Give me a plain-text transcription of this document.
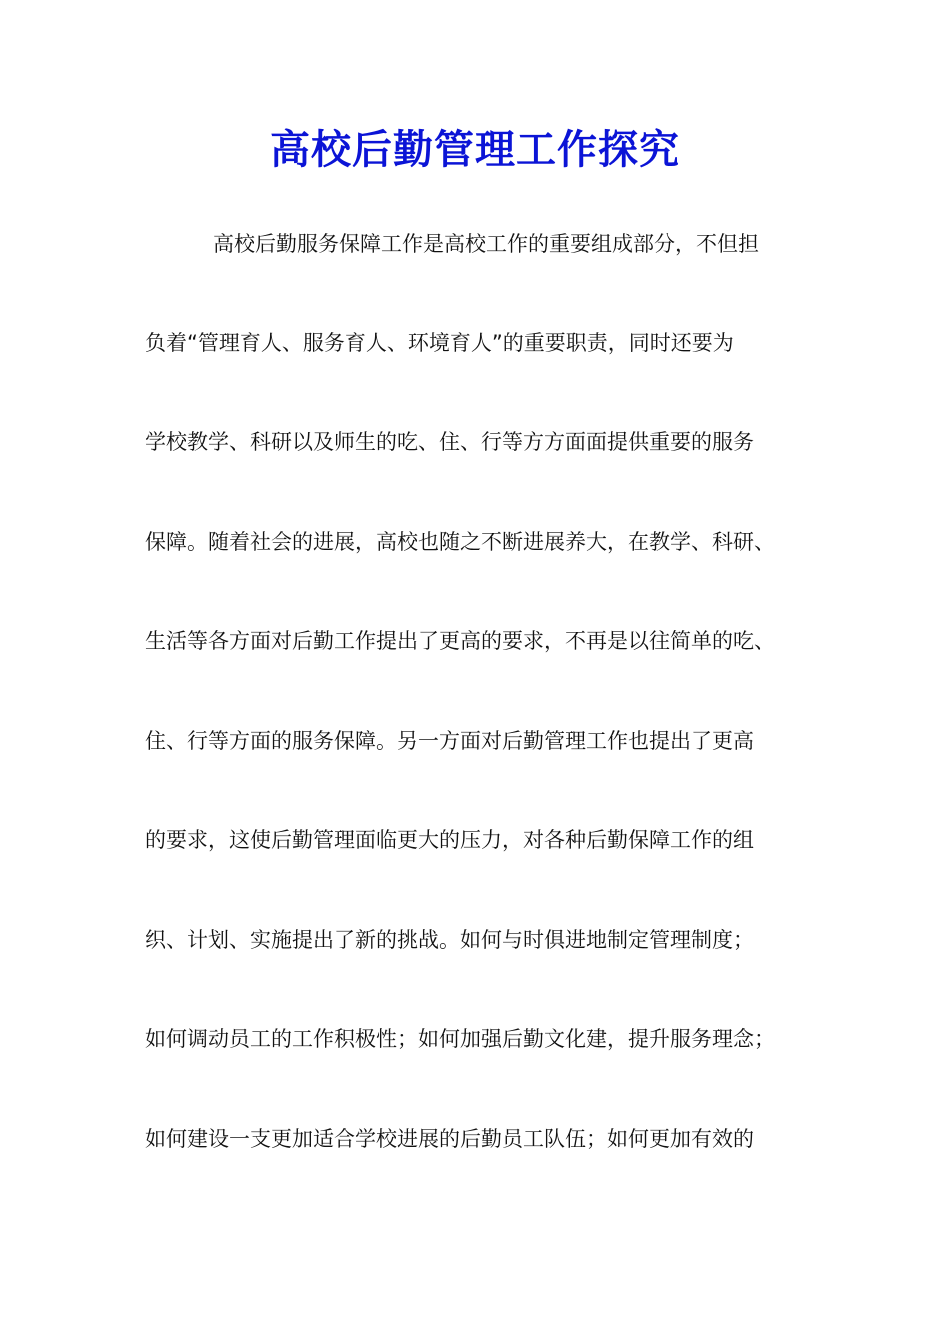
高校后勤管理工作探究
高校后勤服务保障工作是高校工作的重要组成部分，不但担
负着“管理育人、服务育人、环境育人”的重要职责，同时还要为
学校教学、科研以及师生的吃、住、行等方方面面提供重要的服务
保障。随着社会的进展，高校也随之不断进展养大，在教学、科研、
生活等各方面对后勤工作提出了更高的要求，不再是以往简单的吃、
住、行等方面的服务保障。另一方面对后勤管理工作也提出了更高
的要求，这使后勤管理面临更大的压力，对各种后勤保障工作的组
织、计划、实施提出了新的挑战。如何与时俱进地制定管理制度；
如何调动员工的工作积极性；如何加强后勤文化建，提升服务理念；
如何建设一支更加适合学校进展的后勤员工队伍；如何更加有效的
